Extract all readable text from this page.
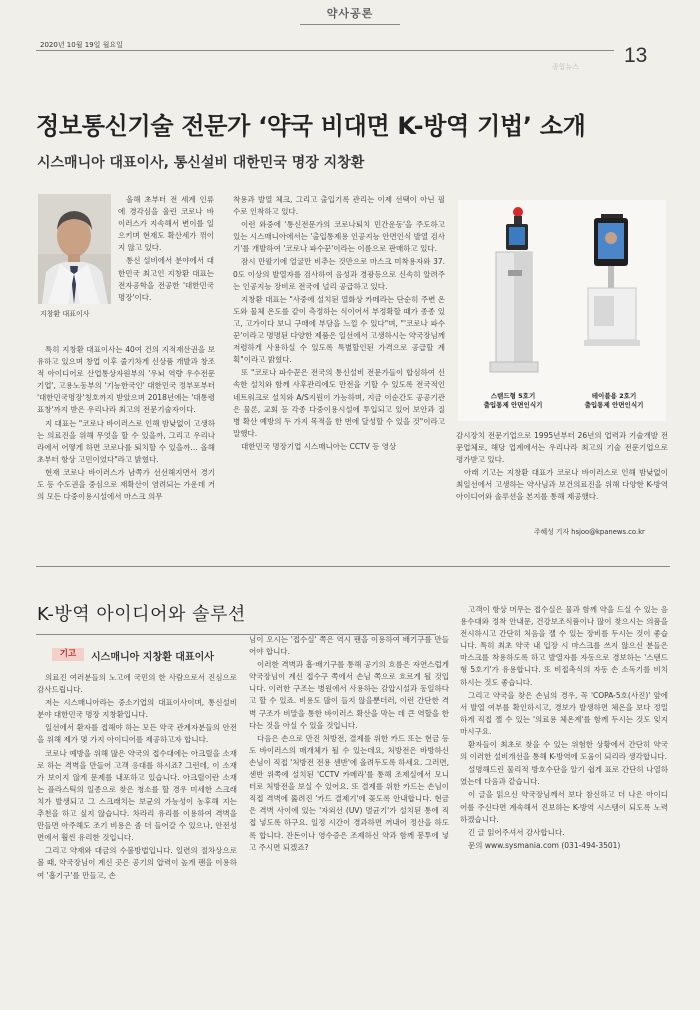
약사공론
2020년 10월 19일 월요일	13
종합뉴스
정보통신기술 전문가 ‘약국 비대면 K-방역 기법’ 소개
시스매니아 대표이사, 통신설비 대한민국 명장 지창환
지창환 대표이사

올해 초부터 전 세계 인류에 경각심을 울린 코로나 바이러스가 지속해서 변이를 일으키며 현재도 확산세가 꺾이지 않고 있다.

통신 설비에서 분야에서 대한민국 최고인 지창환 대표는 전자공학을 전공한 '대한민국명장'이다.

특히 지창환 대표이사는 40여 건의 지적재산권을 보유하고 있으며 창업 이후 줄기차게 신상품 개발과 창조적 아이디어로 산업통상자원부의 '우뇌 역량 우수전문기업', 고용노동부의 '기능한국인' 대한민국 정부포부터 '대한민국명장'칭호까지 받았으며 2018년에는 '대통령 표창'까지 받은 우리나라 최고의 전문기술자이다.

지 대표는 "코로나 바이러스로 인해 밤낮없이 고생하는 의료진을 위해 무엇을 할 수 있을까, 그리고 우리나라에서 어떻게 하면 코로나를 퇴치할 수 있을까… 올해 초부터 항상 고민이었다"라고 밝혔다.

현재 코로나 바이러스가 남쪽가 선선해지면서 경기도 등 수도권을 중심으로 재확산이 염려되는 가운데 거의 모든 다중이용시설에서 마스크 의무

착용과 발열 체크, 그리고 출입기록 관리는 이제 선택이 아닌 필수로 인착하고 있다.

이런 와중에 '통신전문가의 코로나퇴치 민간운동'을 주도하고 있는 시스매니아에서는 '출입통제용 인공지능 안면인식 발열 검사기'를 개발하여 '코로나 파수꾼'이라는 이름으로 판매하고 있다.

잠시 만팔기에 얼굴만 비추는 것만으로 마스크 미착용자와 37.0도 이상의 발열자를 검사하여 음성과 경광등으로 신속히 알려주는 인공지능 장비로 전국에 널리 공급하고 있다.

지창환 대표는 "사중에 설치된 열화상 카메라는 단순히 주변 온도와 물체 온도를 같이 측정하는 식이어서 부정확할 때가 종종 있고, 고가이다 보니 구매에 부담을 느낄 수 있다"며, "'코로나 파수꾼'이라고 명명된 다양한 제품은 일선에서 고생하시는 약국장님께 저렴하게 사용하실 수 있도록 특별할인된 가격으로 공급할 계획"이라고 밝혔다.

또 "코로나 파수꾼은 전국의 통신설비 전문가들이 합심하여 신속한 설치와 함께 사후관리에도 만전을 기할 수 있도록 전국적인 네트워크로 설치와 A/S지원이 가능하며, 지금 이순간도 공공기관은 물론, 교회 등 각종 다중이용시설에 투입되고 있어 보안과 질병 확산 예방의 두 가지 목적을 한 번에 달성할 수 있을 것"이라고 말했다.

대한민국 명장기업 시스매니아는 CCTV 등 영상

스탠드형 5호기
출입통제 안면인식기
테이블용 2호기
출입통제 안면인식기

감시장치 전문기업으로 1995년부터 26년의 업력과 기술개발 전문업체로, 해당 업계에서는 우리나라 최고의 기술 전문기업으로 평가받고 있다.

아래 기고는 지창환 대표가 코로나 바이러스로 인해 밤낮없이 최일선에서 고생하는 약사님과 보건의료진을 위해 다양한 K-방역 아이디어와 솔루션을 본지를 통해 제공했다.

주혜성 기자 hsjoo@kpanews.co.kr
K-방역 아이디어와 솔루션
기고	시스매니아 지창환 대표이사

의료진 여러분들의 노고에 국민의 한 사람으로서 진심으로 감사드립니다.

저는 시스매니아라는 중소기업의 대표이사이며, 통신설비 분야 대한민국 명장 지창환입니다.

일선에서 환자를 접해야 하는 모든 약국 관계자분들의 안전을 위해 제가 몇 가지 아이디어를 제공하고자 합니다.

코로나 예방을 위해 많은 약국의 접수대에는 아크릴을 소재로 하는 격벽을 만들어 고객 응대를 하시죠? 그런데, 이 소재가 보이지 않게 문제를 내포하고 있습니다. 아크릴이란 소재는 플라스틱의 일종으로 찾은 청소를 할 경우 미세한 스크래치가 발생되고 그 스크래치는 보균의 가능성이 농후해 지는 추천을 하고 싶지 않습니다. 차라리 유리를 이용하여 격벽을 만들면 아주해도 조기 비용은 좀 더 들어갈 수 있으나, 안전성 면에서 훨씬 유리한 것입니다.

그리고 약재와 대금의 수불방법입니다. 일련의 절차상으로 볼 때, 약국장님이 계신 곳은 공기의 압력이 높게 팬을 이용하여 '흡기구'를 만들고, 손

님이 오시는 '접수실' 쪽은 역시 팬을 이용하여 배기구를 만들어야 합니다.

이러한 격벽과 흡·배기구를 통해 공기의 흐름은 자연스럽게 약국장님이 계신 접수구 쪽에서 손님 쪽으로 흐르게 될 것입니다. 이러한 구조는 병원에서 사용하는 감압시설과 동일하다고 할 수 있죠. 비용도 많이 들지 않을뿐더러, 이런 간단한 격벽 구조가 비말을 통한 바이러스 확산을 막는 데 큰 역할을 한다는 것을 아실 수 있을 것입니다.

다음은 손으로 만진 처방전, 결제를 위한 카드 또는 현금 등도 바이러스의 매개체가 될 수 있는데요, 처방전은 바방하신 손님이 직접 '처방전 전용 센반'에 올려두도록 하세요. 그러면, 센반 위쪽에 설치된 'CCTV 카메라'를 통해 조제실에서 모니터로 처방전을 보실 수 있어요. 또 결제를 위한 카드는 손님이 직접 격벽에 뚫려진 '카드 결제기'에 꽂도록 안내합니다. 현금은 격벽 사이에 있는 '자외선 (UV) 멸균기'가 설치된 통에 직접 넣도록 하구요. 일정 시간이 경과하면 꺼내어 정산을 하도록 합니다. 잔돈이나 영수증은 조제하신 약과 함께 봉투에 넣고 주시면 되겠죠?

고객이 항상 머무는 접수실은 물과 함께 약을 드실 수 있는 음용수대와 정착 안내문, 건강보조식품이나 많이 찾으시는 의품을 전시하시고 간단히 처음을 잴 수 있는 장비를 두시는 것이 좋습니다. 특히 최초 약국 내 입장 시 마스크를 쓰지 않으신 분들은 마스크를 착용하도록 하고 발열자를 자동으로 경보하는 '스탠드형 5호기'가 유용합니다. 또 비접촉식의 자동 손 소독기를 비치하시는 것도 좋습니다.

그리고 약국을 찾은 손님의 경우, 꼭 'COPA-5호(사진)' 앞에서 발열 여부를 확인하시고, 경보가 발생하면 체온을 보다 정밀하게 직접 잴 수 있는 '의료용 체온계'를 함께 두시는 것도 잊지 마시구요.

환자들이 최초로 찾을 수 있는 위험한 상황에서 간단히 약국의 이러한 설비개선을 통해 K-방역에 도움이 되리라 생각합니다.

설명해드린 물리적 방호수단을 알기 쉽게 표로 간단히 나열하였는데 다음과 같습니다.

이 글을 읽으신 약국장님께서 보다 참신하고 더 나은 아이디어를 주신다면 계속해서 진보하는 K-방역 시스템이 되도록 노력하겠습니다.

긴 글 읽어주셔서 감사합니다.

문의 www.sysmania.com (031-494-3501)
